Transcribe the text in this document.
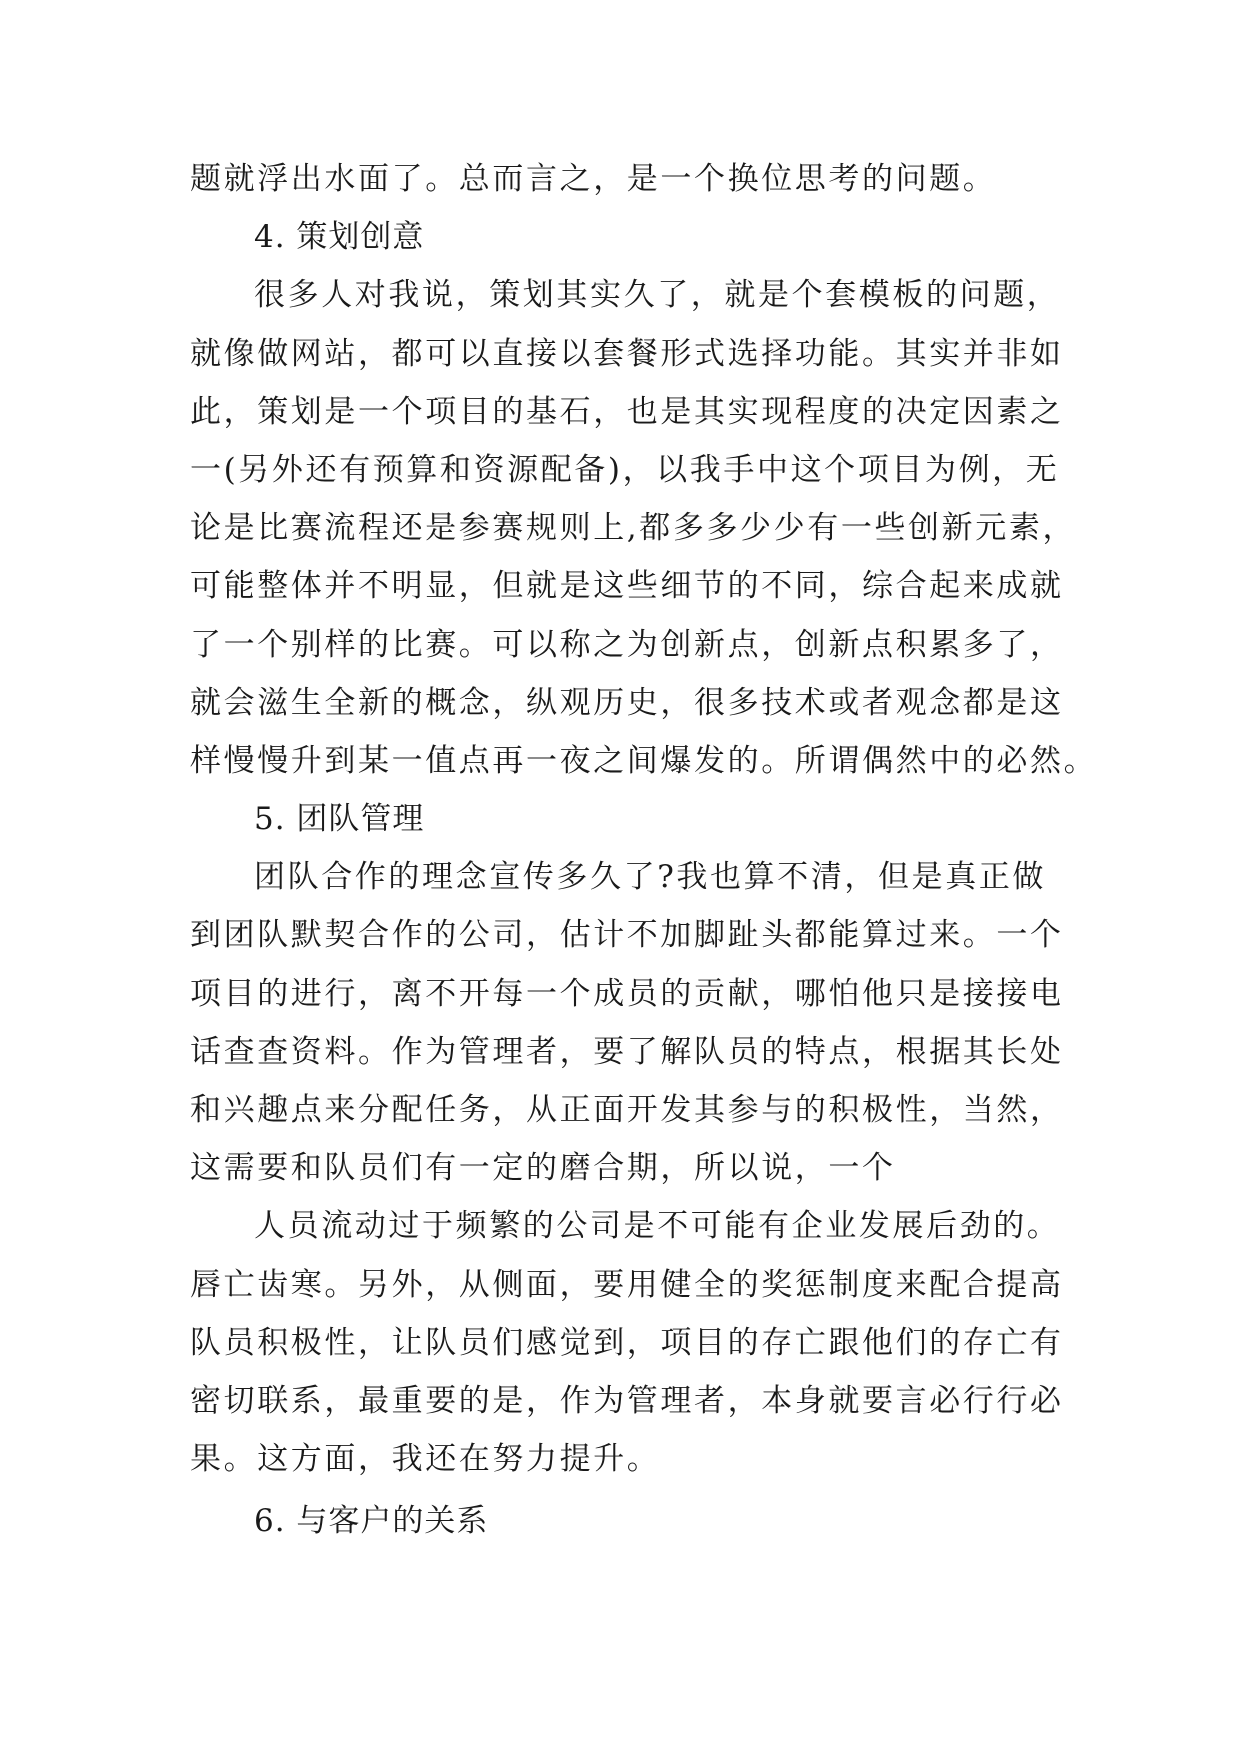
题就浮出水面了。总而言之，是一个换位思考的问题。
4. 策划创意
很多人对我说，策划其实久了，就是个套模板的问题，
就像做网站，都可以直接以套餐形式选择功能。其实并非如
此，策划是一个项目的基石，也是其实现程度的决定因素之
一(另外还有预算和资源配备)，以我手中这个项目为例，无
论是比赛流程还是参赛规则上,都多多少少有一些创新元素，
可能整体并不明显，但就是这些细节的不同，综合起来成就
了一个别样的比赛。可以称之为创新点，创新点积累多了，
就会滋生全新的概念，纵观历史，很多技术或者观念都是这
样慢慢升到某一值点再一夜之间爆发的。所谓偶然中的必然。
5. 团队管理
团队合作的理念宣传多久了?我也算不清，但是真正做
到团队默契合作的公司，估计不加脚趾头都能算过来。一个
项目的进行，离不开每一个成员的贡献，哪怕他只是接接电
话查查资料。作为管理者，要了解队员的特点，根据其长处
和兴趣点来分配任务，从正面开发其参与的积极性，当然，
这需要和队员们有一定的磨合期，所以说，一个
人员流动过于频繁的公司是不可能有企业发展后劲的。
唇亡齿寒。另外，从侧面，要用健全的奖惩制度来配合提高
队员积极性，让队员们感觉到，项目的存亡跟他们的存亡有
密切联系，最重要的是，作为管理者，本身就要言必行行必
果。这方面，我还在努力提升。
6. 与客户的关系
